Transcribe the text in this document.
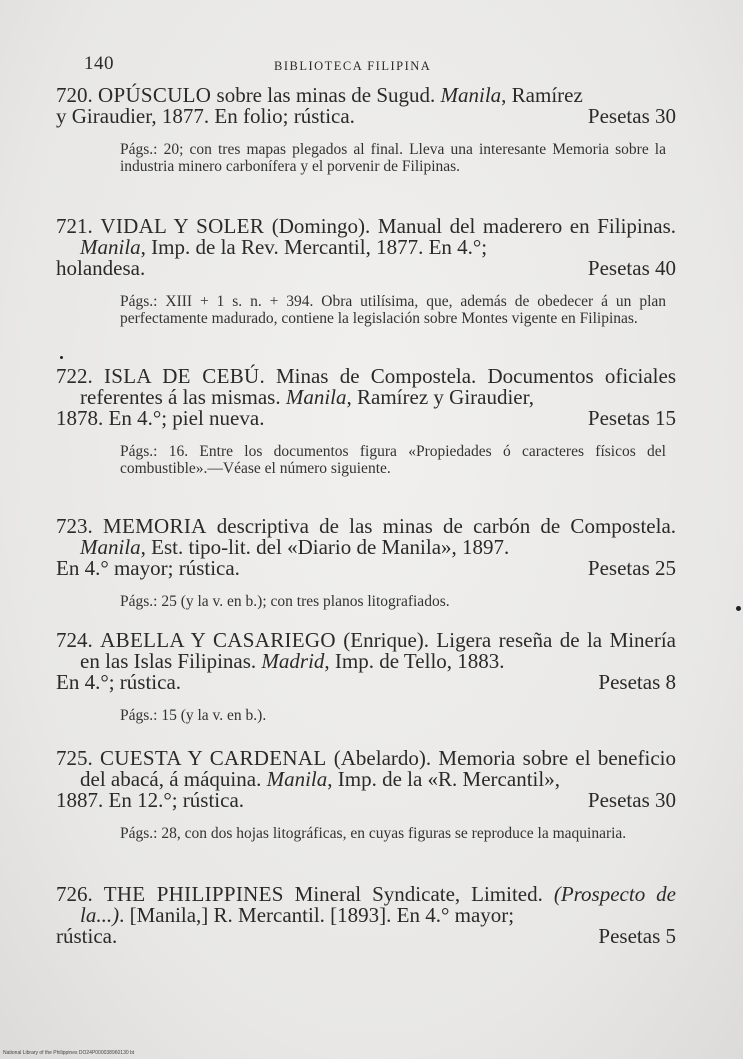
140	BIBLIOTECA FILIPINA

720. OPÚSCULO sobre las minas de Sugud. Manila, Ramírez
y Giraudier, 1877. En folio; rústica.	Pesetas 30

Págs.: 20; con tres mapas plegados al final. Lleva una interesante Memoria sobre la industria minero carbonífera y el porvenir de Filipinas.

721. VIDAL Y SOLER (Domingo). Manual del maderero en Filipinas. Manila, Imp. de la Rev. Mercantil, 1877. En 4.°;
holandesa.	Pesetas 40

Págs.: XIII + 1 s. n. + 394. Obra utilísima, que, además de obedecer á un plan perfectamente madurado, contiene la legislación sobre Montes vigente en Filipinas.

722. ISLA DE CEBÚ. Minas de Compostela. Documentos oficiales referentes á las mismas. Manila, Ramírez y Giraudier,
1878. En 4.°; piel nueva.	Pesetas 15

Págs.: 16. Entre los documentos figura «Propiedades ó caracteres físicos del combustible».—Véase el número siguiente.

723. MEMORIA descriptiva de las minas de carbón de Compostela. Manila, Est. tipo-lit. del «Diario de Manila», 1897.
En 4.° mayor; rústica.	Pesetas 25

Págs.: 25 (y la v. en b.); con tres planos litografiados.

724. ABELLA Y CASARIEGO (Enrique). Ligera reseña de la Minería en las Islas Filipinas. Madrid, Imp. de Tello, 1883.
En 4.°; rústica.	Pesetas 8

Págs.: 15 (y la v. en b.).

725. CUESTA Y CARDENAL (Abelardo). Memoria sobre el beneficio del abacá, á máquina. Manila, Imp. de la «R. Mercantil»,
1887. En 12.°; rústica.	Pesetas 30

Págs.: 28, con dos hojas litográficas, en cuyas figuras se reproduce la maquinaria.

726. THE PHILIPPINES Mineral Syndicate, Limited. (Prospecto de la...). [Manila,] R. Mercantil. [1893]. En 4.° mayor;
rústica.	Pesetas 5

National Library of the Philippines DO24P000038960130 bt
